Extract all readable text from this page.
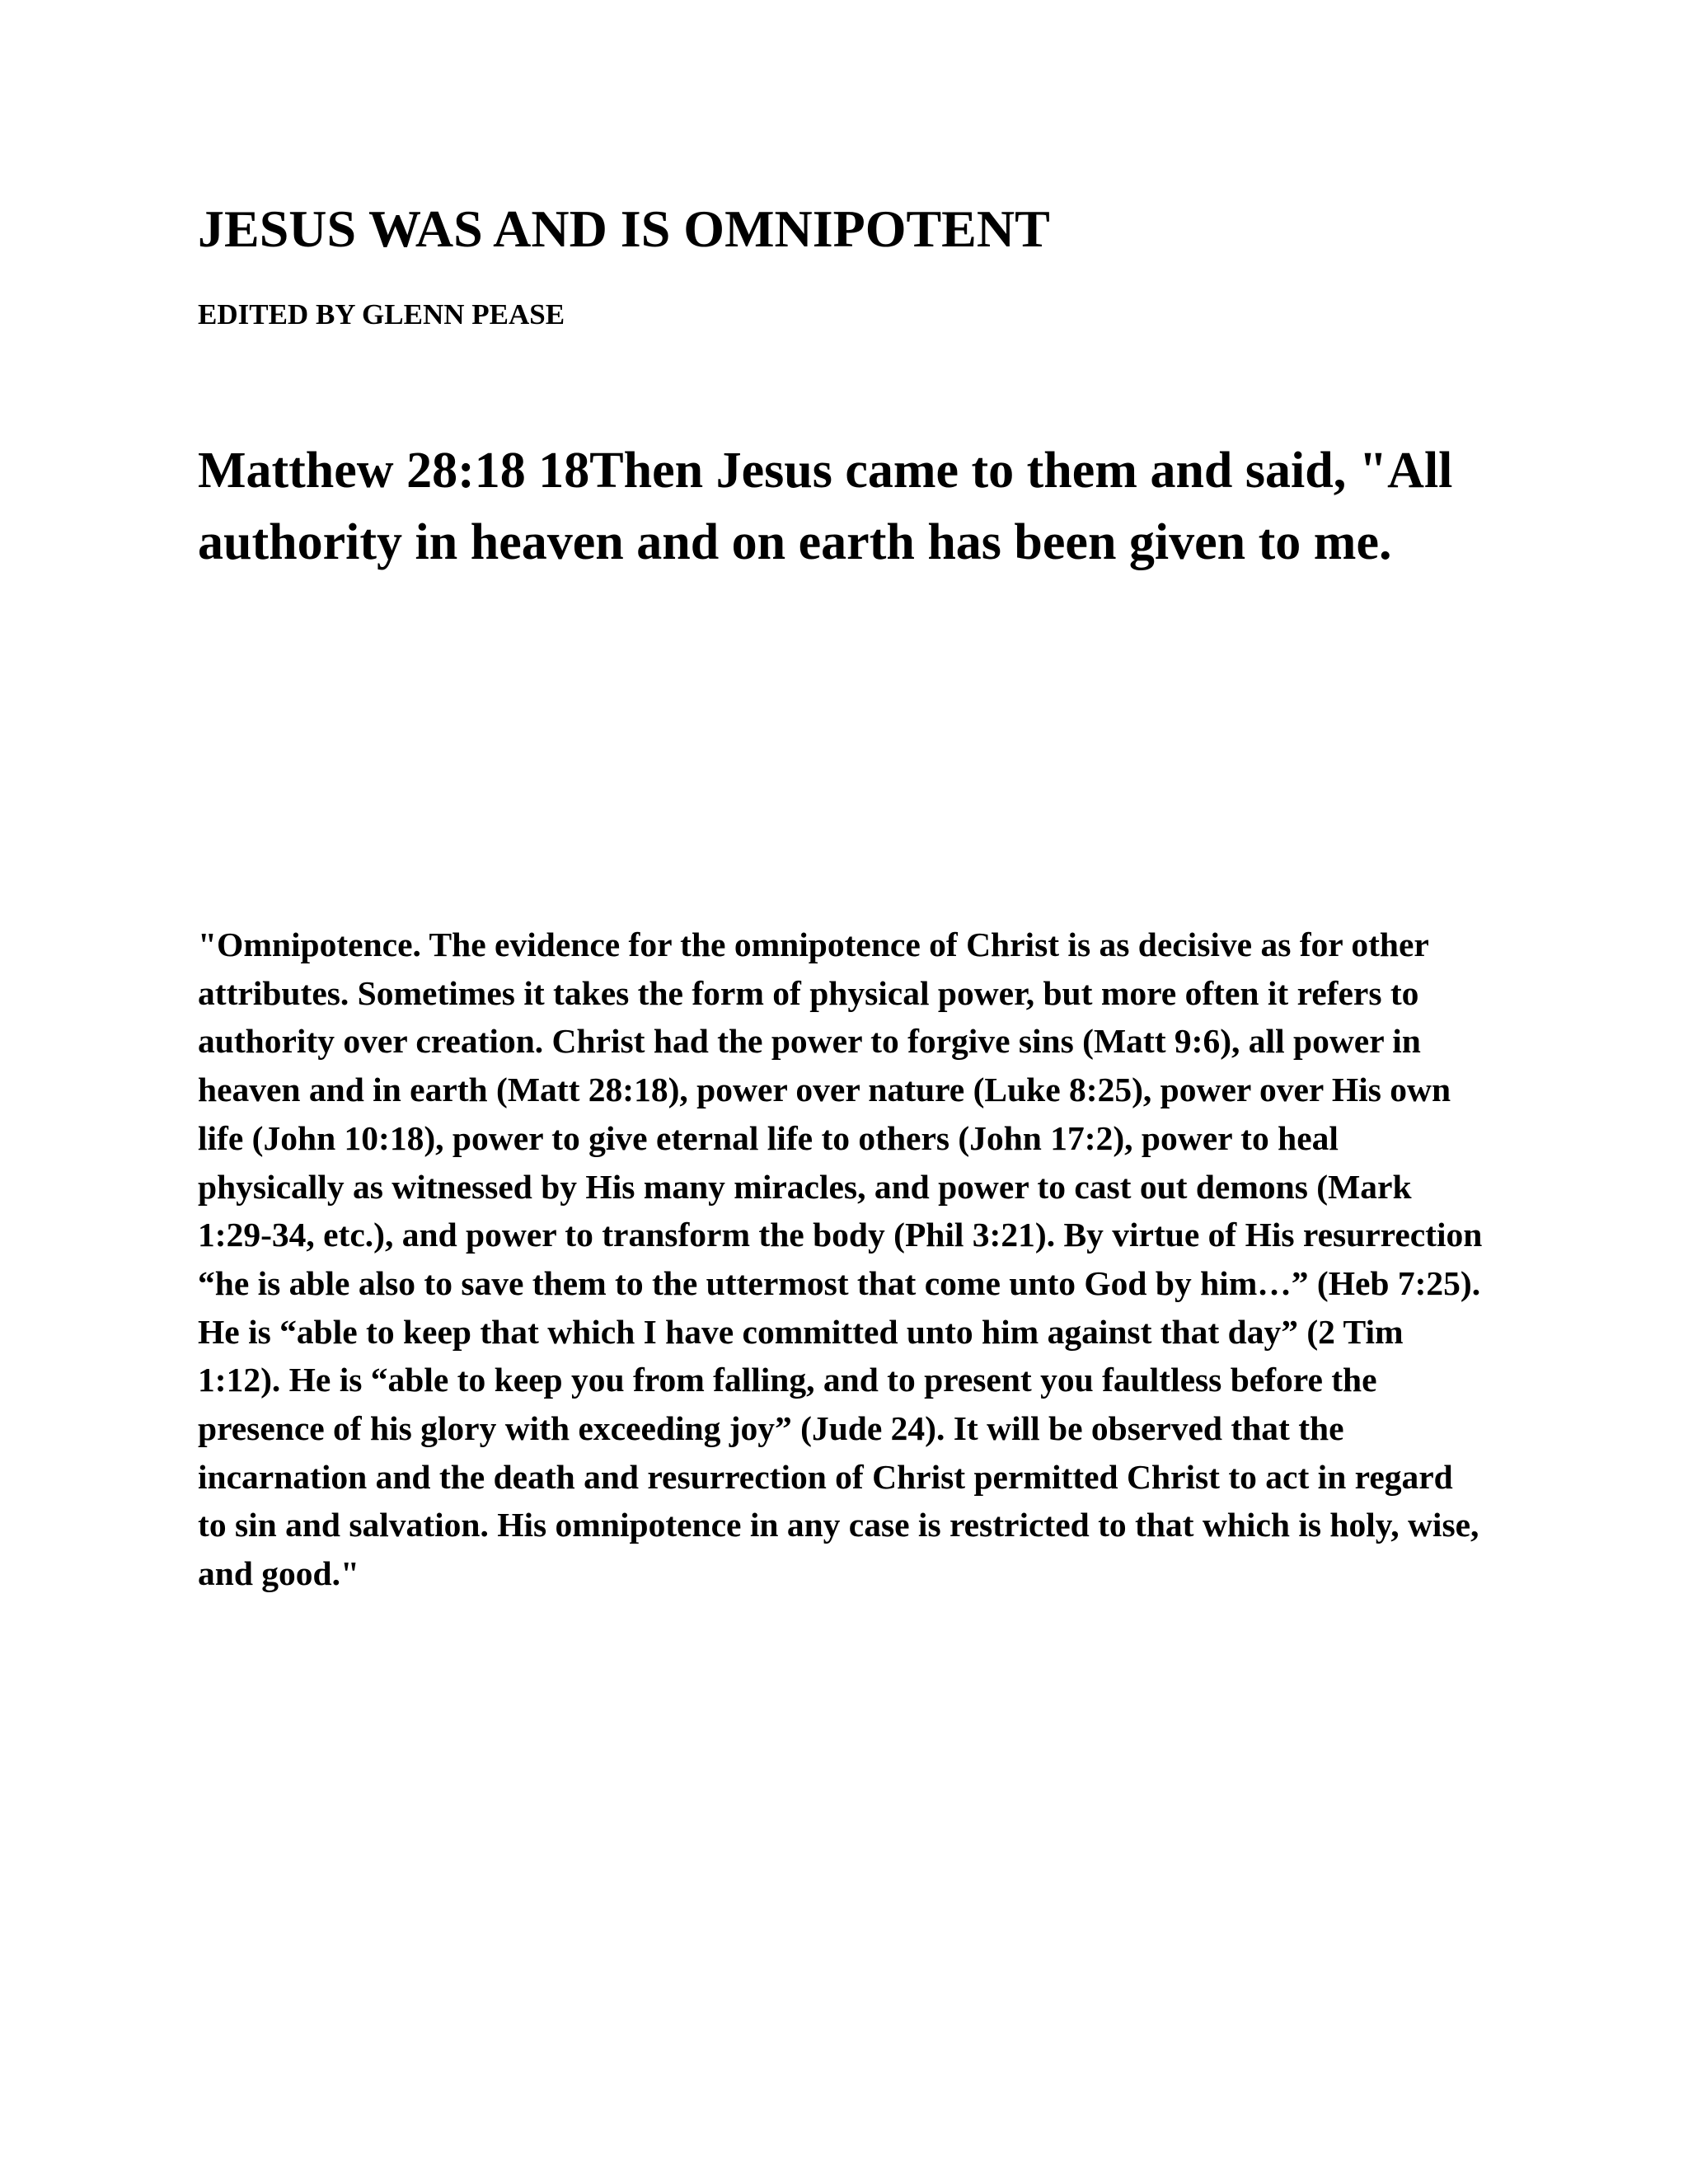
JESUS WAS AND IS OMNIPOTENT

EDITED BY GLENN PEASE

Matthew 28:18 18Then Jesus came to them and said, "All authority in heaven and on earth has been given to me.

"Omnipotence. The evidence for the omnipotence of Christ is as decisive as for other attributes. Sometimes it takes the form of physical power, but more often it refers to authority over creation. Christ had the power to forgive sins (Matt 9:6), all power in heaven and in earth (Matt 28:18), power over nature (Luke 8:25), power over His own life (John 10:18), power to give eternal life to others (John 17:2), power to heal physically as witnessed by His many miracles, and power to cast out demons (Mark 1:29-34, etc.), and power to transform the body (Phil 3:21). By virtue of His resurrection “he is able also to save them to the uttermost that come unto God by him…” (Heb 7:25). He is “able to keep that which I have committed unto him against that day” (2 Tim 1:12). He is “able to keep you from falling, and to present you faultless before the presence of his glory with exceeding joy” (Jude 24). It will be observed that the incarnation and the death and resurrection of Christ permitted Christ to act in regard to sin and salvation. His omnipotence in any case is restricted to that which is holy, wise, and good."
